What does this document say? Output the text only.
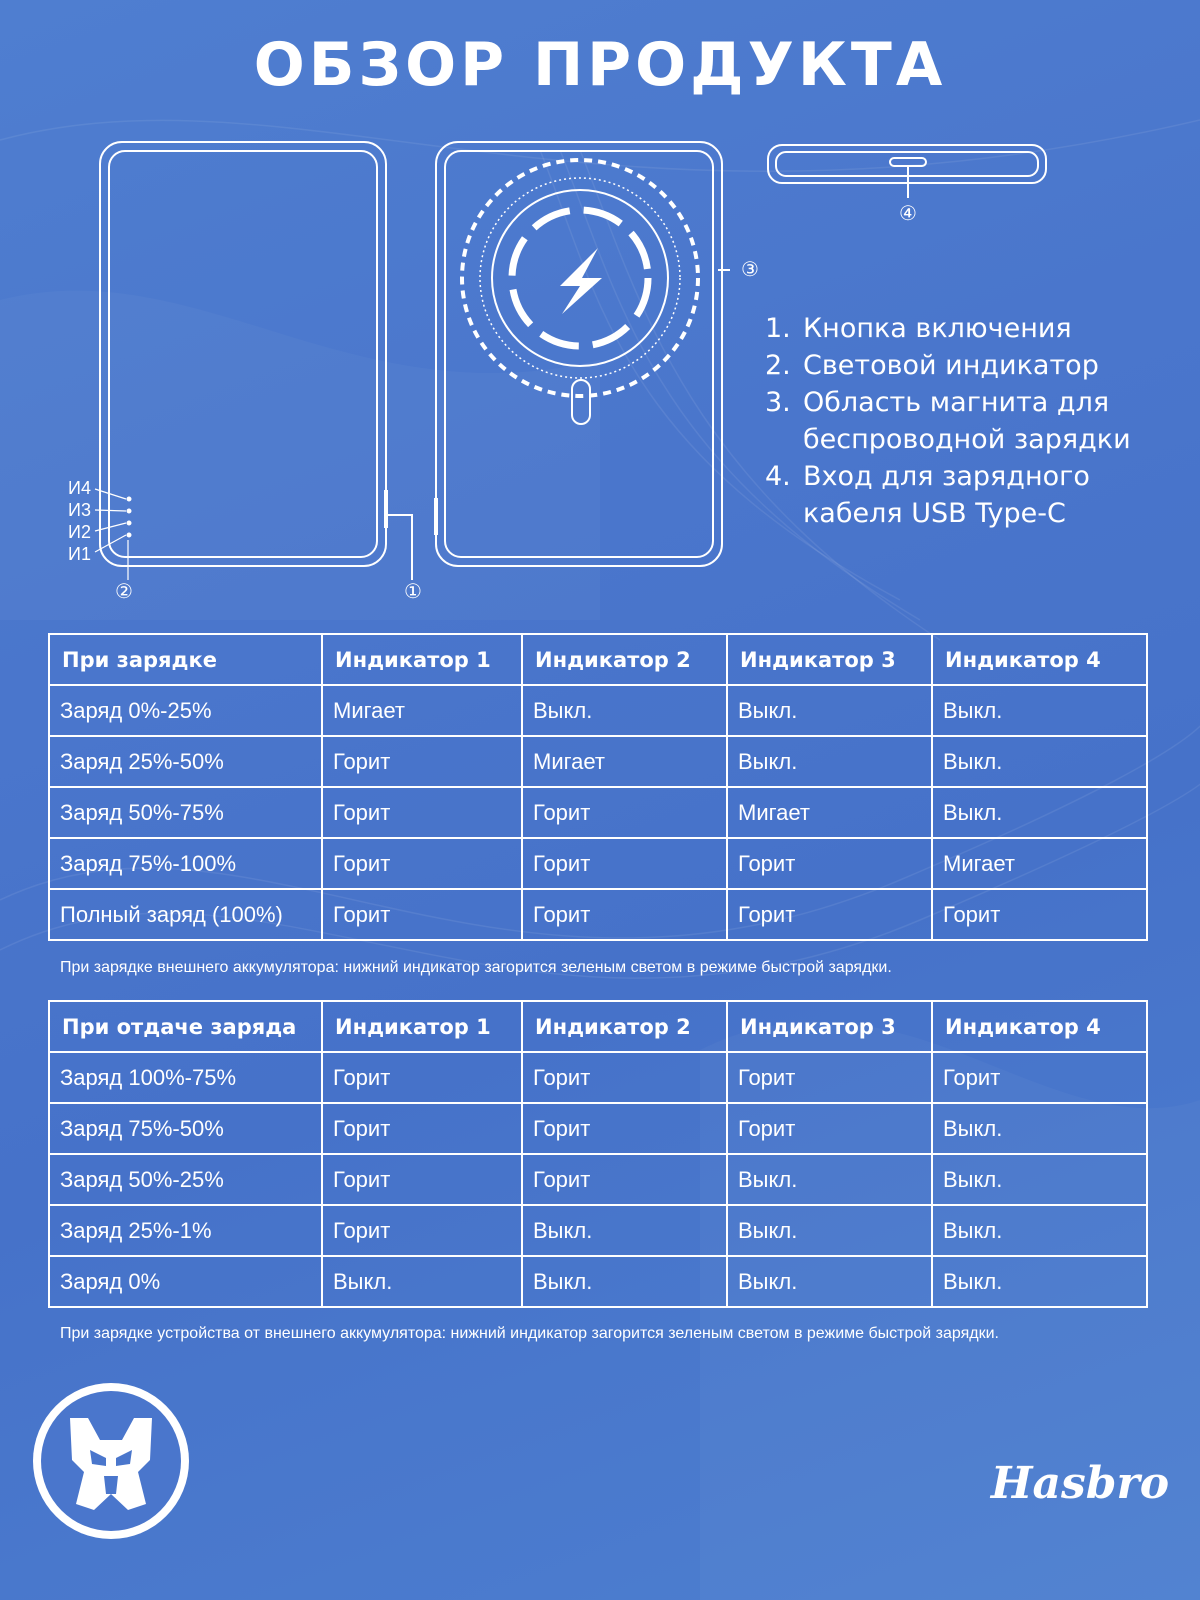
ОБЗОР ПРОДУКТА
②	①
③
④
И4
И3
И2
И1
1. Кнопка включения
2. Световой индикатор
3. Область магнита для беспроводной зарядки
4. Вход для зарядного кабеля USB Type-C
При зарядке	Индикатор 1	Индикатор 2	Индикатор 3	Индикатор 4
Заряд 0%-25%	Мигает	Выкл.	Выкл.	Выкл.
Заряд 25%-50%	Горит	Мигает	Выкл.	Выкл.
Заряд 50%-75%	Горит	Горит	Мигает	Выкл.
Заряд 75%-100%	Горит	Горит	Горит	Мигает
Полный заряд (100%)	Горит	Горит	Горит	Горит

При зарядке внешнего аккумулятора: нижний индикатор загорится зеленым светом в режиме быстрой зарядки.

При отдаче заряда	Индикатор 1	Индикатор 2	Индикатор 3	Индикатор 4
Заряд 100%-75%	Горит	Горит	Горит	Горит
Заряд 75%-50%	Горит	Горит	Горит	Выкл.
Заряд 50%-25%	Горит	Горит	Выкл.	Выкл.
Заряд 25%-1%	Горит	Выкл.	Выкл.	Выкл.
Заряд 0%	Выкл.	Выкл.	Выкл.	Выкл.

При зарядке устройства от внешнего аккумулятора: нижний индикатор загорится зеленым светом в режиме быстрой зарядки.

Hasbro
